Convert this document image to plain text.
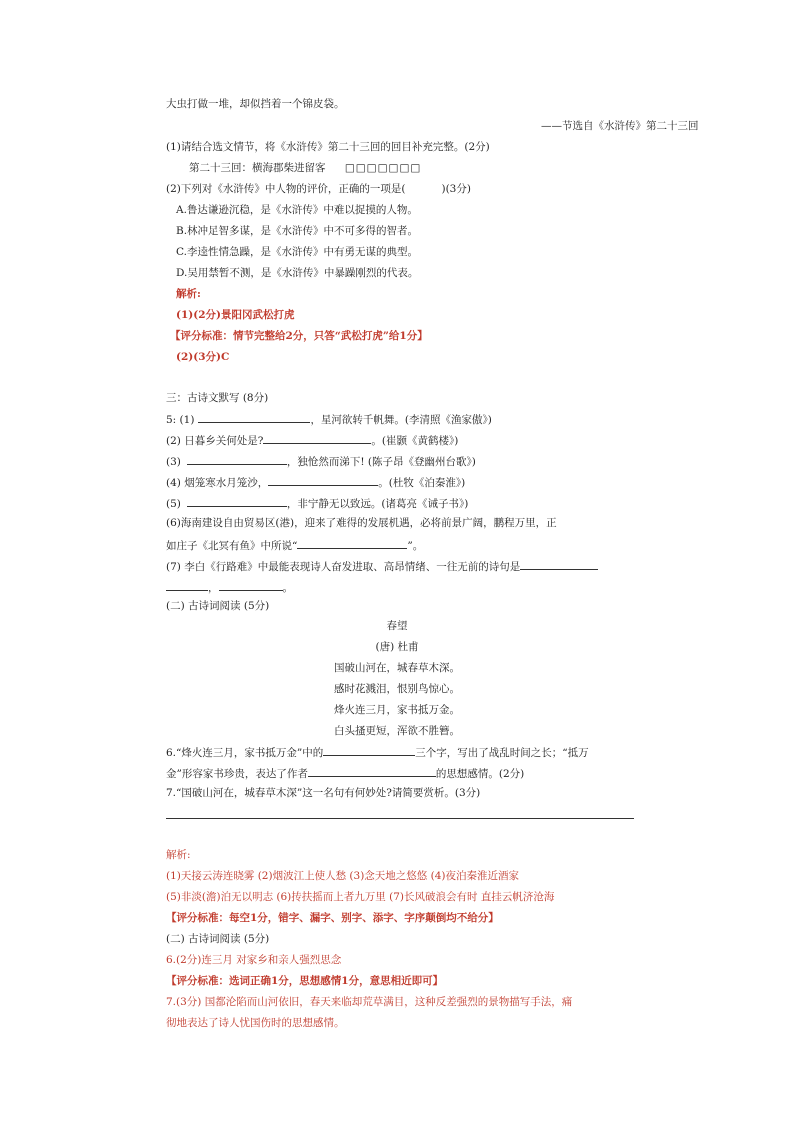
大虫打做一堆，却似挡着一个锦皮袋。
——节选自《水浒传》第二十三回
(1)请结合选文情节，将《水浒传》第二十三回的回目补充完整。(2分)
第二十三回：横海郡柴进留客 □□□□□□□
(2)下列对《水浒传》中人物的评价，正确的一项是(	)(3分)
A.鲁达谦逊沉稳，是《水浒传》中难以捉摸的人物。
B.林冲足智多谋，是《水浒传》中不可多得的智者。
C.李逵性情急躁，是《水浒传》中有勇无谋的典型。
D.吴用禁暂不测，是《水浒传》中暴躁刚烈的代表。
解析:
(1)(2分)景阳冈武松打虎
【评分标准：情节完整给2分，只答“武松打虎”给1分】
(2)(3分)C
三：古诗文默写 (8分)
5: (1)	，星河欲转千帆舞。(李清照《渔家傲》)
(2) 日暮乡关何处是?	。(崔颢《黄鹤楼》)
(3)	，独怆然而涕下! (陈子昂《登幽州台歌》)
(4) 烟笼寒水月笼沙，	。(杜牧《泊秦淮》)
(5)	，非宁静无以致远。(诸葛亮《诫子书》)
(6)海南建设自由贸易区(港)，迎来了难得的发展机遇，必将前景广阔，鹏程万里，正
如庄子《北冥有鱼》中所说“	”。
(7) 李白《行路难》中最能表现诗人奋发进取、高昂情绪、一往无前的诗句是
，	。
(二) 古诗词阅读 (5分)
春望
(唐) 杜甫
国破山河在，城春草木深。
感时花溅泪，恨别鸟惊心。
烽火连三月，家书抵万金。
白头搔更短，浑欲不胜簪。
6.“烽火连三月，家书抵万金”中的	三个字，写出了战乱时间之长；“抵万
金”形容家书珍贵，表达了作者	的思想感情。(2分)
7.“国破山河在，城春草木深”这一名句有何妙处?请简要赏析。(3分)
解析:
(1)天接云涛连晓雾 (2)烟波江上使人愁 (3)念天地之悠悠 (4)夜泊秦淮近酒家
(5)非淡(澹)泊无以明志 (6)抟扶摇而上者九万里 (7)长风破浪会有时 直挂云帆济沧海
【评分标准：每空1分，错字、漏字、别字、添字、字序颠倒均不给分】
(二) 古诗词阅读 (5分)
6.(2分)连三月 对家乡和亲人强烈思念
【评分标准：选词正确1分，思想感情1分，意思相近即可】
7.(3分) 国都沦陷而山河依旧，春天来临却荒草满目，这种反差强烈的景物描写手法，痛
彻地表达了诗人忧国伤时的思想感情。
